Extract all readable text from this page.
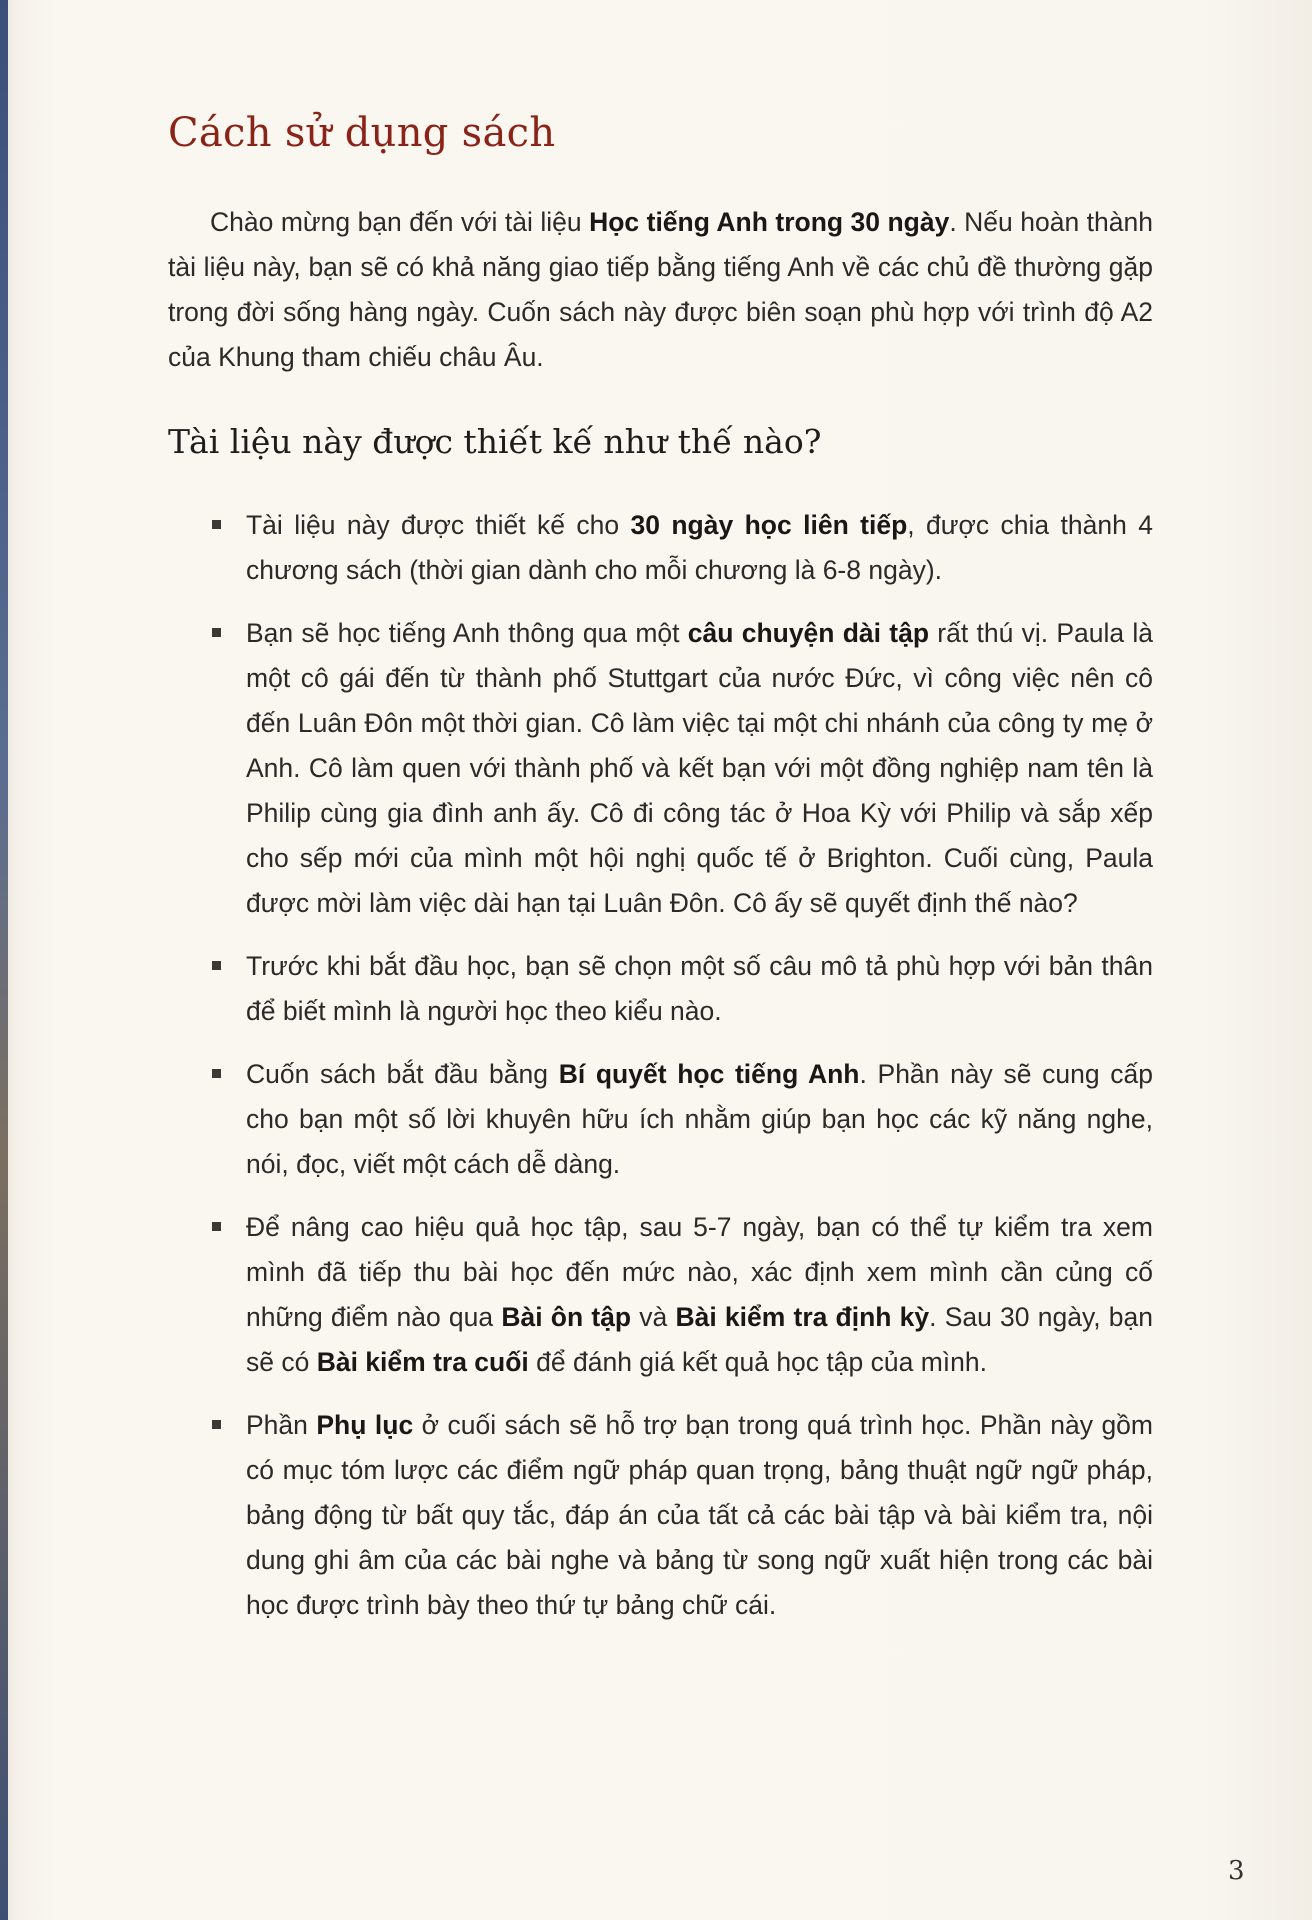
Cách sử dụng sách

Chào mừng bạn đến với tài liệu Học tiếng Anh trong 30 ngày. Nếu hoàn thành tài liệu này, bạn sẽ có khả năng giao tiếp bằng tiếng Anh về các chủ đề thường gặp trong đời sống hàng ngày. Cuốn sách này được biên soạn phù hợp với trình độ A2 của Khung tham chiếu châu Âu.

Tài liệu này được thiết kế như thế nào?
Tài liệu này được thiết kế cho 30 ngày học liên tiếp, được chia thành 4 chương sách (thời gian dành cho mỗi chương là 6-8 ngày).
Bạn sẽ học tiếng Anh thông qua một câu chuyện dài tập rất thú vị. Paula là một cô gái đến từ thành phố Stuttgart của nước Đức, vì công việc nên cô đến Luân Đôn một thời gian. Cô làm việc tại một chi nhánh của công ty mẹ ở Anh. Cô làm quen với thành phố và kết bạn với một đồng nghiệp nam tên là Philip cùng gia đình anh ấy. Cô đi công tác ở Hoa Kỳ với Philip và sắp xếp cho sếp mới của mình một hội nghị quốc tế ở Brighton. Cuối cùng, Paula được mời làm việc dài hạn tại Luân Đôn. Cô ấy sẽ quyết định thế nào?
Trước khi bắt đầu học, bạn sẽ chọn một số câu mô tả phù hợp với bản thân để biết mình là người học theo kiểu nào.
Cuốn sách bắt đầu bằng Bí quyết học tiếng Anh. Phần này sẽ cung cấp cho bạn một số lời khuyên hữu ích nhằm giúp bạn học các kỹ năng nghe, nói, đọc, viết một cách dễ dàng.
Để nâng cao hiệu quả học tập, sau 5-7 ngày, bạn có thể tự kiểm tra xem mình đã tiếp thu bài học đến mức nào, xác định xem mình cần củng cố những điểm nào qua Bài ôn tập và Bài kiểm tra định kỳ. Sau 30 ngày, bạn sẽ có Bài kiểm tra cuối để đánh giá kết quả học tập của mình.
Phần Phụ lục ở cuối sách sẽ hỗ trợ bạn trong quá trình học. Phần này gồm có mục tóm lược các điểm ngữ pháp quan trọng, bảng thuật ngữ ngữ pháp, bảng động từ bất quy tắc, đáp án của tất cả các bài tập và bài kiểm tra, nội dung ghi âm của các bài nghe và bảng từ song ngữ xuất hiện trong các bài học được trình bày theo thứ tự bảng chữ cái.
3
